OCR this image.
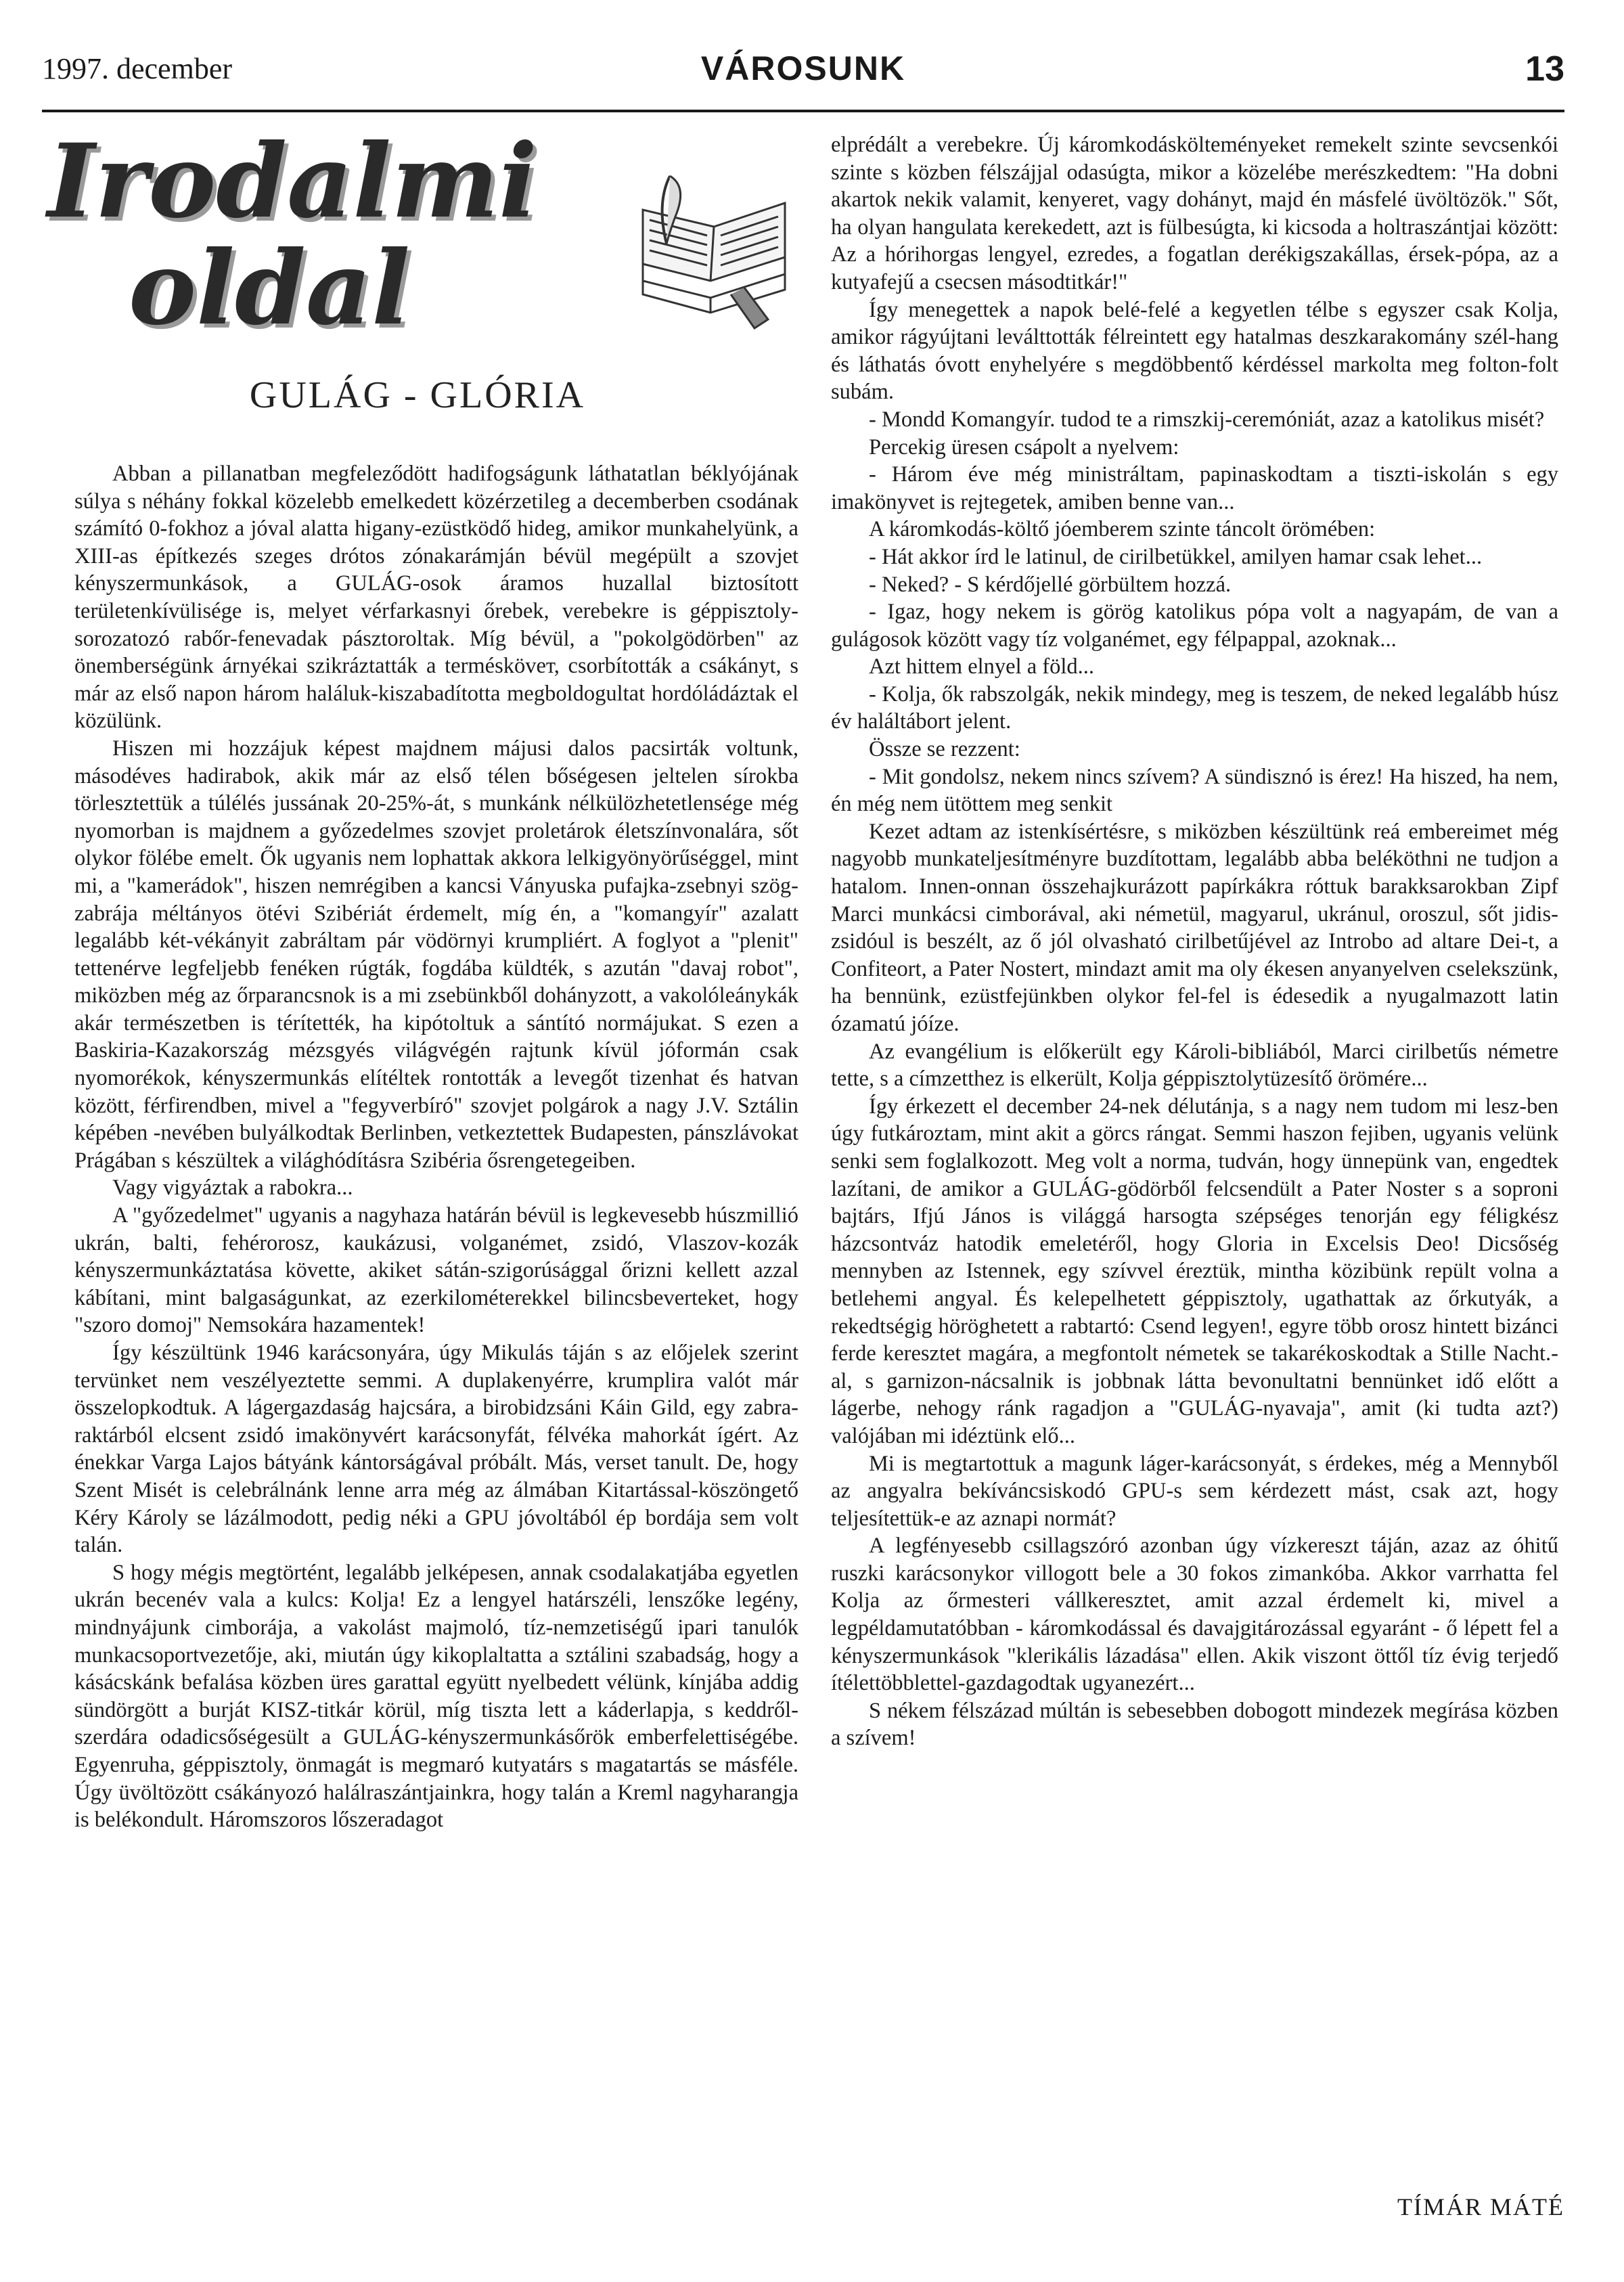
1997. december	VÁROSUNK	13
Irodalmi
oldal
GULÁG - GLÓRIA

Abban a pillanatban megfeleződött hadifogságunk láthatatlan béklyójának súlya s néhány fokkal közelebb emelkedett közérzetileg a decemberben csodának számító 0-fokhoz a jóval alatta higany-ezüstködő hideg, amikor munkahelyünk, a XIII-as építkezés szeges drótos zónakarámján bévül megépült a szovjet kényszermunkások, a GULÁG-osok áramos huzallal biztosított területenkívülisége is, melyet vérfarkasnyi őrebek, verebekre is géppisztoly-sorozatozó rabőr-fenevadak pásztoroltak. Míg bévül, a "pokolgödörben" az önemberségünk árnyékai szikráztatták a termésköveт, csorbították a csákányt, s már az első napon három haláluk-kiszabadította megboldogultat hordóládáztak el közülünk.

Hiszen mi hozzájuk képest majdnem májusi dalos pacsirták voltunk, másodéves hadirabok, akik már az első télen bőségesen jeltelen sírokba törlesztettük a túlélés jussának 20-25%-át, s munkánk nélkülözhetetlensége még nyomorban is majdnem a győzedelmes szovjet proletárok életszínvonalára, sőt olykor fölébe emelt. Ők ugyanis nem lophattak akkora lelkigyönyörűséggel, mint mi, a "kamerádok", hiszen nemrégiben a kancsi Ványuska pufajka-zsebnyi szög-zabrája méltányos ötévi Szibériát érdemelt, míg én, a "komangyír" azalatt legalább két-vékányit zabráltam pár vödörnyi krumpliért. A foglyot a "plenit" tettenérve legfeljebb fenéken rúgták, fogdába küldték, s azután "davaj robot", miközben még az őrparancsnok is a mi zsebünkből dohányzott, a vakolóleánykák akár természetben is térítették, ha kipótoltuk a sántító normájukat. S ezen a Baskiria-Kazakország mézsgyés világvégén rajtunk kívül jóformán csak nyomorékok, kényszermunkás elítéltek rontották a levegőt tizenhat és hatvan között, férfirendben, mivel a "fegyverbíró" szovjet polgárok a nagy J.V. Sztálin képében -nevében bulyálkodtak Berlinben, vetkeztettek Budapesten, pánszlávokat Prágában s készültek a világhódításra Szibéria ősrengetegeiben.

Vagy vigyáztak a rabokra...

A "győzedelmet" ugyanis a nagyhaza határán bévül is legkevesebb húszmillió ukrán, balti, fehérorosz, kaukázusi, volganémet, zsidó, Vlaszov-kozák kényszermunkáztatása követte, akiket sátán-szigorúsággal őrizni kellett azzal kábítani, mint balgaságunkat, az ezerkilométerekkel bilincsbeverteket, hogy "szoro domoj" Nemsokára hazamentek!

Így készültünk 1946 karácsonyára, úgy Mikulás táján s az előjelek szerint tervünket nem veszélyeztette semmi. A duplakenyérre, krumplira valót már összelopkodtuk. A lágergazdaság hajcsára, a birobidzsáni Káin Gild, egy zabra-raktárból elcsent zsidó imakönyvért karácsonyfát, félvéka mahorkát ígért. Az énekkar Varga Lajos bátyánk kántorságával próbált. Más, verset tanult. De, hogy Szent Misét is celebrálnánk lenne arra még az álmában Kitartással-köszöngető Kéry Károly se lázálmodott, pedig néki a GPU jóvoltából ép bordája sem volt talán.

S hogy mégis megtörtént, legalább jelképesen, annak csodalakatjába egyetlen ukrán becenév vala a kulcs: Kolja! Ez a lengyel határszéli, lenszőke legény, mindnyájunk cimborája, a vakolást majmoló, tíz-nemzetiségű ipari tanulók munkacsoportvezetője, aki, miután úgy kikoplaltatta a sztálini szabadság, hogy a kásácskánk befalása közben üres garattal együtt nyelbedett vélünk, kínjába addig sündörgött a burját KISZ-titkár körül, míg tiszta lett a káderlapja, s keddről-szerdára odadicsőségesült a GULÁG-kényszermunkásőrök emberfelettiségébe. Egyenruha, géppisztoly, önmagát is megmaró kutyatárs s magatartás se másféle. Úgy üvöltözött csákányozó halálraszántjainkra, hogy talán a Kreml nagyharangja is belékondult. Háromszoros lőszeradagot

elprédált a verebekre. Új káromkodásköltеményeket remekelt szinte sevcsenkói szinte s közben félszájjal odasúgta, mikor a közelébe merészkedtem: "Ha dobni akartok nekik valamit, kenyeret, vagy dohányt, majd én másfelé üvöltözök." Sőt, ha olyan hangulata kerekedett, azt is fülbesúgta, ki kicsoda a holtraszántjai között: Az a hórihorgas lengyel, ezredes, a fogatlan derékigszakállas, érsek-pópa, az a kutyafejű a csecsen másodtitkár!"

Így menegettek a napok belé-felé a kegyetlen télbe s egyszer csak Kolja, amikor rágyújtani leválttották félreintett egy hatalmas deszkarakomány szél-hang és láthatás óvott enyhelyére s megdöbbentő kérdéssel markolta meg folton-folt subám.

- Mondd Komangyír. tudod te a rimszkij-ceremóniát, azaz a katolikus misét?

Percekig üresen csápolt a nyelvem:

- Három éve még ministráltam, papinaskodtam a tiszti-iskolán s egy imakönyvet is rejtegetek, amiben benne van...

A káromkodás-költő jóemberem szinte táncolt örömében:

- Hát akkor írd le latinul, de cirilbetükkel, amilyen hamar csak lehet...

- Neked? - S kérdőjellé görbültem hozzá.

- Igaz, hogy nekem is görög katolikus pópa volt a nagyapám, de van a gulágosok között vagy tíz volganémet, egy félpappal, azoknak...

Azt hittem elnyel a föld...

- Kolja, ők rabszolgák, nekik mindegy, meg is teszem, de neked legalább húsz év haláltábort jelent.

Össze se rezzent:

- Mit gondolsz, nekem nincs szívem? A sündisznó is érez! Ha hiszed, ha nem, én még nem ütöttem meg senkit

Kezet adtam az istenkísértésre, s miközben készültünk reá embereimet még nagyobb munkateljesítményre buzdítottam, legalább abba beléköthni ne tudjon a hatalom. Innen-onnan összehajkurázott papírkákra róttuk barakksarokban Zipf Marci munkácsi cimborával, aki németül, magyarul, ukránul, oroszul, sőt jidis-zsidóul is beszélt, az ő jól olvasható cirilbetűjével az Introbo ad altare Dei-t, a Confiteort, a Pater Nostert, mindazt amit ma oly ékesen anyanyelven cselekszünk, ha bennünk, ezüstfejünkben olykor fel-fel is édesedik a nyugalmazott latin ózamatú jóíze.

Az evangélium is előkerült egy Károli-bibliából, Marci cirilbetűs németre tette, s a címzetthez is elkerült, Kolja géppisztolytüzesítő örömére...

Így érkezett el december 24-nek délutánja, s a nagy nem tudom mi lesz-ben úgy futkároztam, mint akit a görcs rángat. Semmi haszon fejiben, ugyanis velünk senki sem foglalkozott. Meg volt a norma, tudván, hogy ünnepünk van, engedtek lazítani, de amikor a GULÁG-gödörből felcsendült a Pater Noster s a soproni bajtárs, Ifjú János is világgá harsogta szépséges tenorján egy féligkész házcsontváz hatodik emeletéről, hogy Gloria in Excelsis Deo! Dicsőség mennyben az Istennek, egy szívvel éreztük, mintha közibünk repült volna a betlehemi angyal. És kelepelhetett géppisztoly, ugathattak az őrkutyák, a rekedtségig höröghetett a rabtartó: Csend legyen!, egyre több orosz hintett bizánci ferde keresztet magára, a megfontolt németek se takarékoskodtak a Stille Nacht.-al, s garnizon-nácsalnik is jobbnak látta bevonultatni bennünket idő előtt a lágerbe, nehogy ránk ragadjon a "GULÁG-nyavaja", amit (ki tudta azt?) valójában mi idéztünk elő...

Mi is megtartottuk a magunk láger-karácsonyát, s érdekes, még a Mennyből az angyalra bekíváncsiskodó GPU-s sem kérdezett mást, csak azt, hogy teljesítettük-e az aznapi normát?

A legfényesebb csillagszóró azonban úgy vízkereszt táján, azaz az óhitű ruszki karácsonykor villogott bele a 30 fokos zimankóba. Akkor varrhatta fel Kolja az őrmesteri vállkeresztet, amit azzal érdemelt ki, mivel a legpéldamutatóbban - káromkodással és davajgitározással egyaránt - ő lépett fel a kényszermunkások "klerikális lázadása" ellen. Akik viszont öttől tíz évig terjedő ítélettöbblettel-gazdagodtak ugyanezért...

S nékem félszázad múltán is sebesebben dobogott mindezek megírása közben a szívem!

TÍMÁR MÁTÉ
